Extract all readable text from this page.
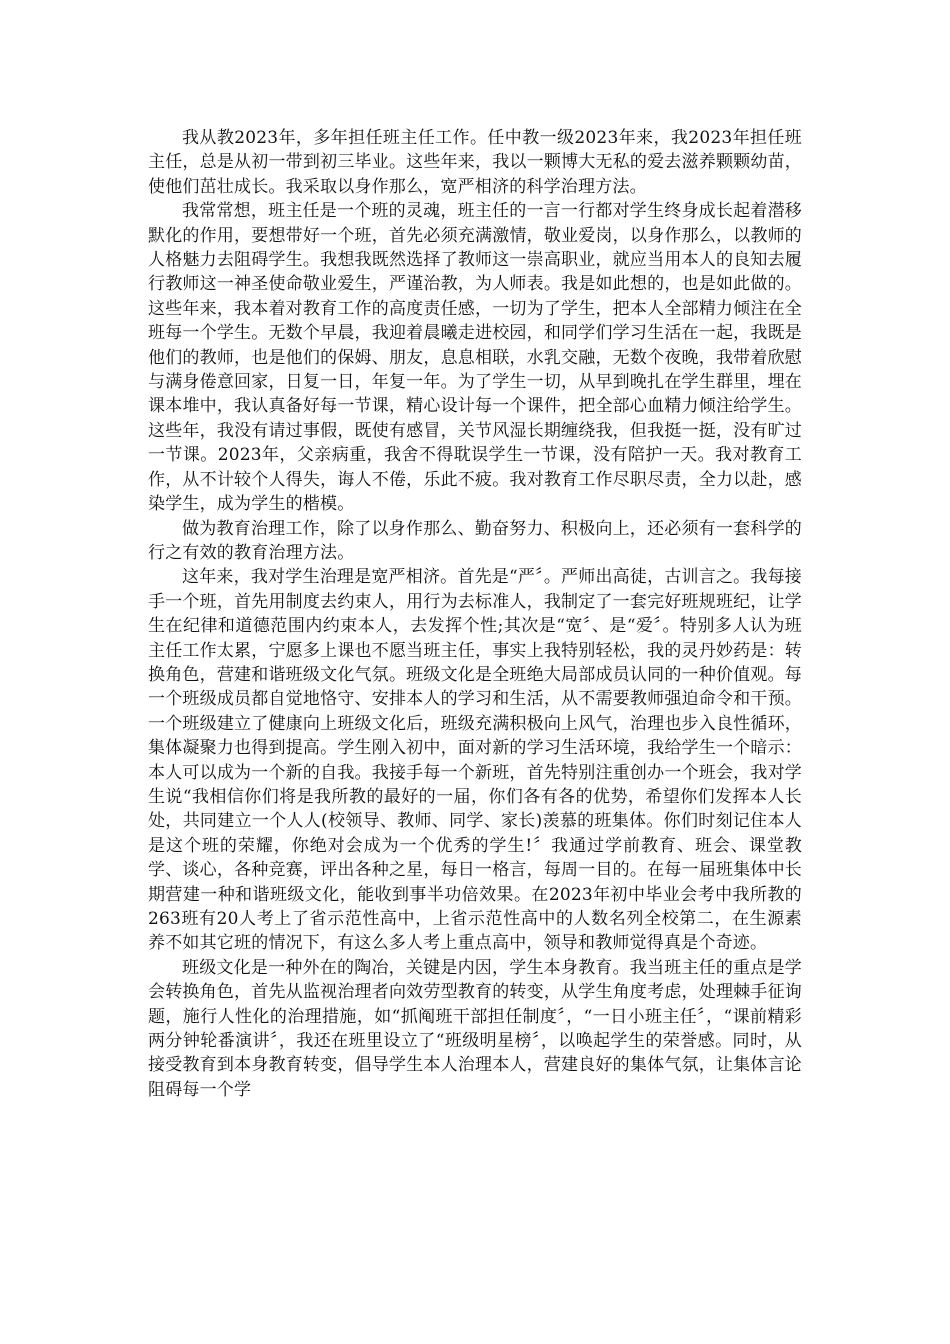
我从教2023年，多年担任班主任工作。任中教一级2023年来，我2023年担任班主任，总是从初一带到初三毕业。这些年来，我以一颗博大无私的爱去滋养颗颗幼苗，使他们茁壮成长。我采取以身作那么，宽严相济的科学治理方法。

我常常想，班主任是一个班的灵魂，班主任的一言一行都对学生终身成长起着潜移默化的作用，要想带好一个班，首先必须充满激情，敬业爱岗，以身作那么，以教师的人格魅力去阻碍学生。我想我既然选择了教师这一崇高职业，就应当用本人的良知去履行教师这一神圣使命敬业爱生，严谨治教，为人师表。我是如此想的，也是如此做的。这些年来，我本着对教育工作的高度责任感，一切为了学生，把本人全部精力倾注在全班每一个学生。无数个早晨，我迎着晨曦走进校园，和同学们学习生活在一起，我既是他们的教师，也是他们的保姆、朋友，息息相联，水乳交融，无数个夜晚，我带着欣慰与满身倦意回家，日复一日，年复一年。为了学生一切，从早到晚扎在学生群里，埋在课本堆中，我认真备好每一节课，精心设计每一个课件，把全部心血精力倾注给学生。这些年，我没有请过事假，既使有感冒，关节风湿长期缠绕我，但我挺一挺，没有旷过一节课。2023年，父亲病重，我舍不得耽误学生一节课，没有陪护一天。我对教育工作，从不计较个人得失，诲人不倦，乐此不疲。我对教育工作尽职尽责，全力以赴，感染学生，成为学生的楷模。

做为教育治理工作，除了以身作那么、勤奋努力、积极向上，还必须有一套科学的行之有效的教育治理方法。

这年来，我对学生治理是宽严相济。首先是“严〞。严师出高徒，古训言之。我每接手一个班，首先用制度去约束人，用行为去标准人，我制定了一套完好班规班纪，让学生在纪律和道德范围内约束本人，去发挥个性;其次是“宽〞、是“爱〞。特别多人认为班主任工作太累，宁愿多上课也不愿当班主任，事实上我特别轻松，我的灵丹妙药是：转换角色，营建和谐班级文化气氛。班级文化是全班绝大局部成员认同的一种价值观。每一个班级成员都自觉地恪守、安排本人的学习和生活，从不需要教师强迫命令和干预。一个班级建立了健康向上班级文化后，班级充满积极向上风气，治理也步入良性循环，集体凝聚力也得到提高。学生刚入初中，面对新的学习生活环境，我给学生一个暗示：本人可以成为一个新的自我。我接手每一个新班，首先特别注重创办一个班会，我对学生说“我相信你们将是我所教的最好的一届，你们各有各的优势，希望你们发挥本人长处，共同建立一个人人(校领导、教师、同学、家长)羡慕的班集体。你们时刻记住本人是这个班的荣耀，你绝对会成为一个优秀的学生!〞我通过学前教育、班会、课堂教学、谈心，各种竞赛，评出各种之星，每日一格言，每周一目的。在每一届班集体中长期营建一种和谐班级文化，能收到事半功倍效果。在2023年初中毕业会考中我所教的263班有20人考上了省示范性高中，上省示范性高中的人数名列全校第二，在生源素养不如其它班的情况下，有这么多人考上重点高中，领导和教师觉得真是个奇迹。

班级文化是一种外在的陶冶，关键是内因，学生本身教育。我当班主任的重点是学会转换角色，首先从监视治理者向效劳型教育的转变，从学生角度考虑，处理棘手征询题，施行人性化的治理措施，如“抓阄班干部担任制度〞，“一日小班主任〞，“课前精彩两分钟轮番演讲〞，我还在班里设立了“班级明星榜〞，以唤起学生的荣誉感。同时，从接受教育到本身教育转变，倡导学生本人治理本人，营建良好的集体气氛，让集体言论阻碍每一个学
